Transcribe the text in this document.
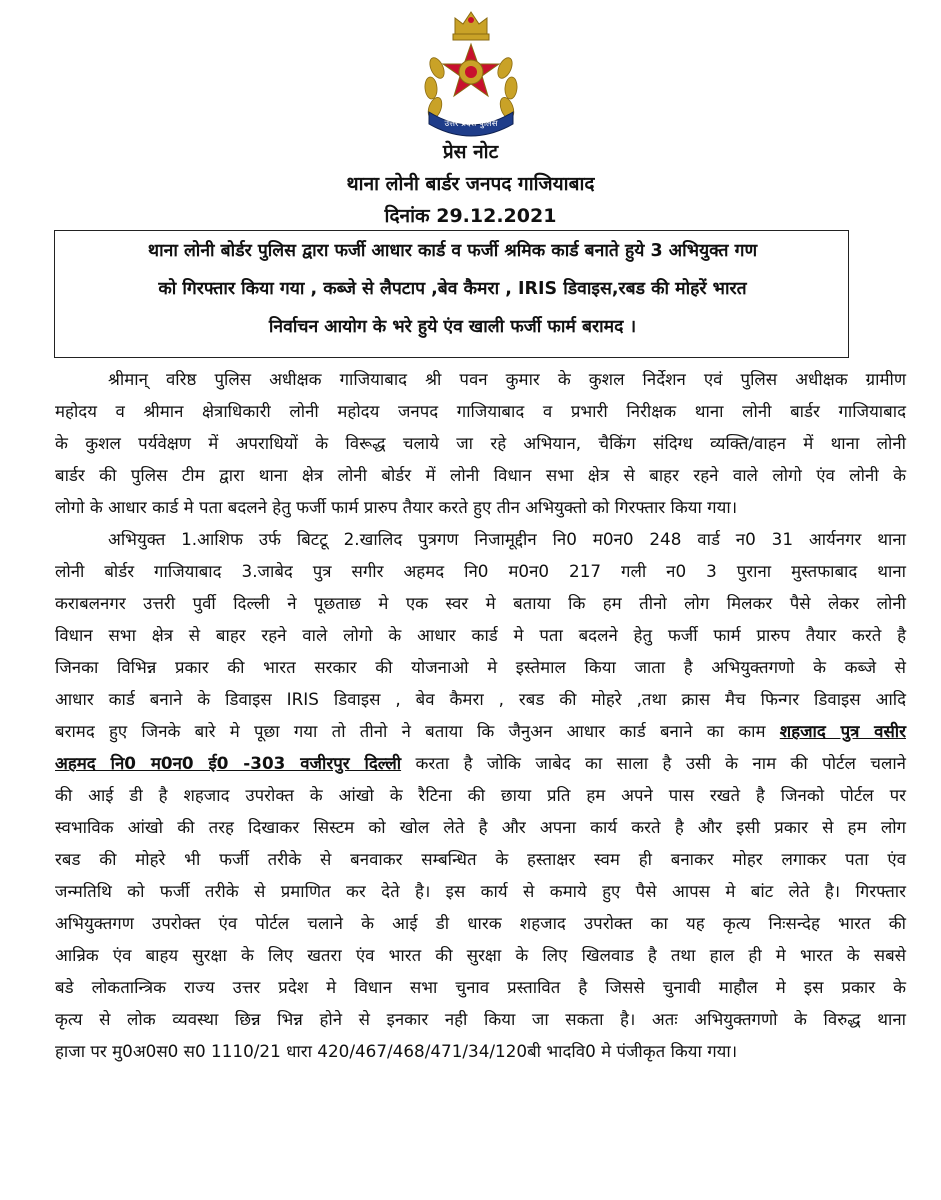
उत्तर प्रदेश पुलिस
प्रेस नोट
थाना लोनी बार्डर जनपद गाजियाबाद
दिनांक 29.12.2021
थाना लोनी बोर्डर पुलिस द्वारा फर्जी आधार कार्ड व फर्जी श्रमिक कार्ड बनाते हुये 3 अभियुक्त गण
को गिरफ्तार किया गया , कब्जे से लैपटाप ,बेव कैमरा , IRIS डिवाइस,रबड की मोहरें भारत
निर्वाचन आयोग के भरे हुये एंव खाली फर्जी फार्म बरामद ।
श्रीमान् वरिष्ठ पुलिस अधीक्षक गाजियाबाद श्री पवन कुमार के कुशल निर्देशन एवं पुलिस अधीक्षक ग्रामीण
महोदय व श्रीमान क्षेत्राधिकारी लोनी महोदय जनपद गाजियाबाद व प्रभारी निरीक्षक थाना लोनी बार्डर गाजियाबाद
के कुशल पर्यवेक्षण में अपराधियों के विरूद्ध चलाये जा रहे अभियान, चैकिंग संदिग्ध व्यक्ति/वाहन में थाना लोनी
बार्डर की पुलिस टीम द्वारा थाना क्षेत्र लोनी बोर्डर में लोनी विधान सभा क्षेत्र से बाहर रहने वाले लोगो एंव लोनी के
लोगो के आधार कार्ड मे पता बदलने हेतु फर्जी फार्म प्रारुप तैयार करते हुए तीन अभियुक्तो को गिरफ्तार किया गया।
अभियुक्त 1.आशिफ उर्फ बिटटू 2.खालिद पुत्रगण निजामूद्दीन नि0 म0न0 248 वार्ड न0 31 आर्यनगर थाना
लोनी बोर्डर गाजियाबाद 3.जाबेद पुत्र सगीर अहमद नि0 म0न0 217 गली न0 3 पुराना मुस्तफाबाद थाना
कराबलनगर उत्तरी पुर्वी दिल्ली ने पूछताछ मे एक स्वर मे बताया कि हम तीनो लोग मिलकर पैसे लेकर लोनी
विधान सभा क्षेत्र से बाहर रहने वाले लोगो के आधार कार्ड मे पता बदलने हेतु फर्जी फार्म प्रारुप तैयार करते है
जिनका विभिन्न प्रकार की भारत सरकार की योजनाओ मे इस्तेमाल किया जाता है अभियुक्तगणो के कब्जे से
आधार कार्ड बनाने के डिवाइस IRIS डिवाइस , बेव कैमरा , रबड की मोहरे ,तथा क्रास मैच फिन्गर डिवाइस आदि
बरामद हुए जिनके बारे मे पूछा गया तो तीनो ने बताया कि जैनुअन आधार कार्ड बनाने का काम शहजाद पुत्र वसीर
अहमद नि0 म0न0 ई0 -303 वजीरपुर दिल्ली करता है जोकि जाबेद का साला है उसी के नाम की पोर्टल चलाने
की आई डी है शहजाद उपरोक्त के आंखो के रैटिना की छाया प्रति हम अपने पास रखते है जिनको पोर्टल पर
स्वभाविक आंखो की तरह दिखाकर सिस्टम को खोल लेते है और अपना कार्य करते है और इसी प्रकार से हम लोग
रबड की मोहरे भी फर्जी तरीके से बनवाकर सम्बन्धित के हस्ताक्षर स्वम ही बनाकर मोहर लगाकर पता एंव
जन्मतिथि को फर्जी तरीके से प्रमाणित कर देते है। इस कार्य से कमाये हुए पैसे आपस मे बांट लेते है। गिरफ्तार
अभियुक्तगण उपरोक्त एंव पोर्टल चलाने के आई डी धारक शहजाद उपरोक्त का यह कृत्य निःसन्देह भारत की
आन्रिक एंव बाहय सुरक्षा के लिए खतरा एंव भारत की सुरक्षा के लिए खिलवाड है तथा हाल ही मे भारत के सबसे
बडे लोकतान्त्रिक राज्य उत्तर प्रदेश मे विधान सभा चुनाव प्रस्तावित है जिससे चुनावी माहौल मे इस प्रकार के
कृत्य से लोक व्यवस्था छिन्न भिन्न होने से इनकार नही किया जा सकता है। अतः अभियुक्तगणो के विरुद्ध थाना
हाजा पर मु0अ0स0 स0 1110/21 धारा 420/467/468/471/34/120बी भादवि0 मे पंजीकृत किया गया।
